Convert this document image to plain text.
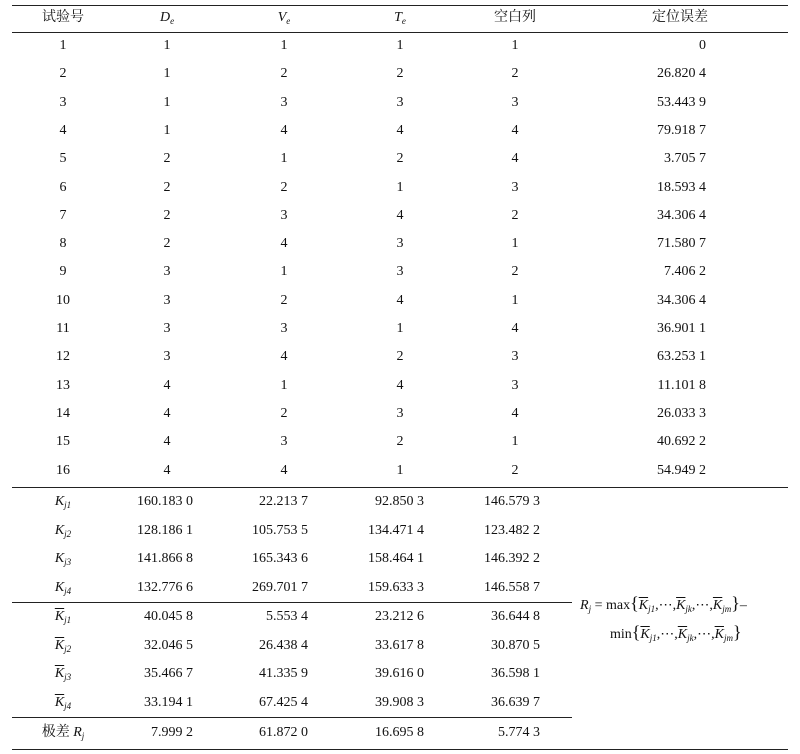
试验号	$D_e$	$V_e$	$T_e$	空白列	定位误差
1	1	1	1	1	0
2	1	2	2	2	26.820 4
3	1	3	3	3	53.443 9
4	1	4	4	4	79.918 7
5	2	1	2	4	3.705 7
6	2	2	1	3	18.593 4
7	2	3	4	2	34.306 4
8	2	4	3	1	71.580 7
9	3	1	3	2	7.406 2
10	3	2	4	1	34.306 4
11	3	3	1	4	36.901 1
12	3	4	2	3	63.253 1
13	4	1	4	3	11.101 8
14	4	2	3	4	26.033 3
15	4	3	2	1	40.692 2
16	4	4	1	2	54.949 2
$K_{j1}$	160.183 0	22.213 7	92.850 3	146.579 3
$K_{j2}$	128.186 1	105.753 5	134.471 4	123.482 2
$K_{j3}$	141.866 8	165.343 6	158.464 1	146.392 2
$K_{j4}$	132.776 6	269.701 7	159.633 3	146.558 7
$\overline{K}_{j1}$	40.045 8	5.553 4	23.212 6	36.644 8
$\overline{K}_{j2}$	32.046 5	26.438 4	33.617 8	30.870 5
$\overline{K}_{j3}$	35.466 7	41.335 9	39.616 0	36.598 1
$\overline{K}_{j4}$	33.194 1	67.425 4	39.908 3	36.639 7
极差 $R_j$	7.999 2	61.872 0	16.695 8	5.774 3
$R_j$ = $\max\{\overline{K}_{j1},\cdots,\overline{K}_{jk},\cdots,\overline{K}_{jm}\}-$
$\min\{\overline{K}_{j1},\cdots,\overline{K}_{jk},\cdots,\overline{K}_{jm}\}$
